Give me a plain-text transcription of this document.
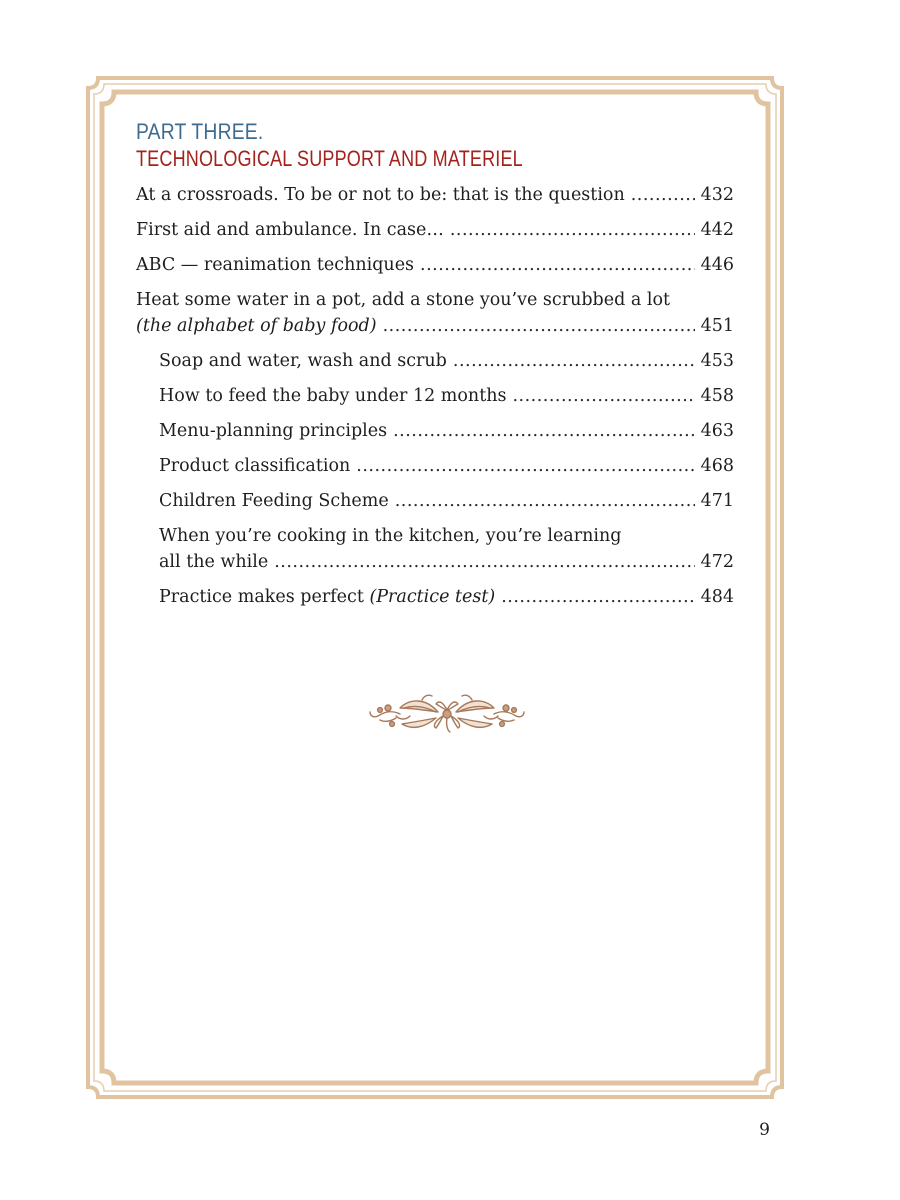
PART THREE.
TECHNOLOGICAL SUPPORT AND MATERIEL
At a crossroads. To be or not to be: that is the question .....	432
First aid and ambulance. In case… .....	442
ABC — reanimation techniques .....	446
Heat some water in a pot, add a stone you’ve scrubbed a lot
(the alphabet of baby food) .....	451
Soap and water, wash and scrub .....	453
How to feed the baby under 12 months .....	458
Menu-planning principles .....	463
Product classification .....	468
Children Feeding Scheme .....	471
When you’re cooking in the kitchen, you’re learning
all the while .....	472
Practice makes perfect (Practice test) .....	484
9
